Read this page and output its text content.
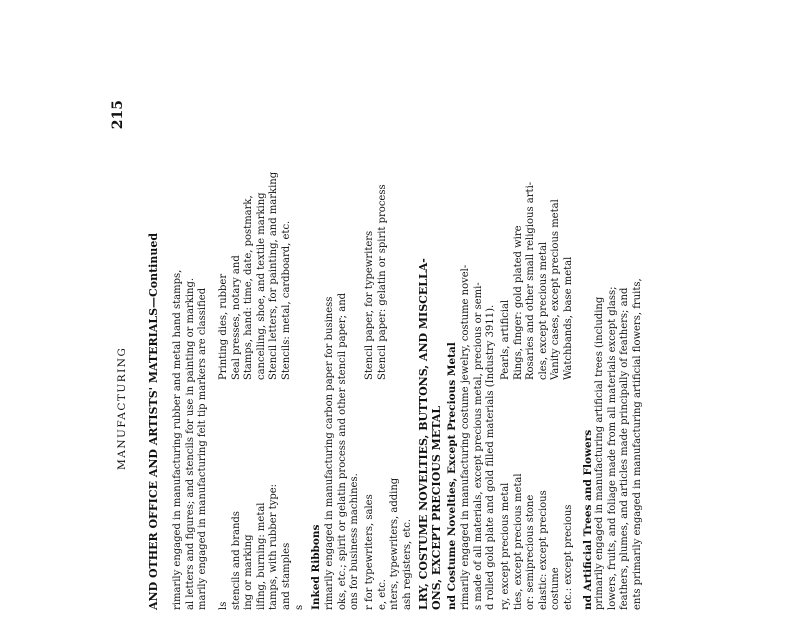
MANUFACTURING
215
AND OTHER OFFICE AND ARTISTS' MATERIALS—Continued rimarily engaged in manufacturing rubber and metal hand stamps, al letters and figures; and stencils for use in painting or marking. marily engaged in manufacturing felt tip markers are classified ls stencils and brands ing or marking ilfing, burning: metal tamps, with rubber type: and stamples s
Printing dies, rubber Seal presses, notary and Stamps, hand: time, date, postmark, cancelling, shoe, and textile marking Stencil letters, for painting, and marking Stencils: metal, cardboard, etc.
Inked Ribbons rimarily engaged in manufacturing carbon paper for business oks, etc.; spirit or gelatin process and other stencil paper; and ons for business machines. r for typewriters, sales e, etc. nters, typewriters, adding ash registers, etc.
Stencil paper, for typewriters Stencil paper: gelatin or spirit process	LRY, COSTUME NOVELTIES, BUTTONS, AND MISCELLA- ONS, EXCEPT PRECIOUS METAL nd Costume Novelties, Except Precious Metal rimarily engaged in manufacturing costume jewelry, costume novel- s made of all materials, except precious metal, precious or semi- d rolled gold plate and gold filled materials (Industry 3911). ry, except precious metal ties, except precious metal or: semiprecious stone elastic: except precious costume etc.: except precious
Pearls, artificial Rings, finger: gold plated wire Rosaries and other small religious arti- cles, except precious metal Vanity cases, except precious metal Watchbands, base metal
nd Artificial Trees and Flowers primarily engaged in manufacturing artificial trees (including lowers, fruits, and foliage made from all materials except glass; feathers, plumes, and articles made principally of feathers; and ents primarily engaged in manufacturing artificial flowers, fruits,
